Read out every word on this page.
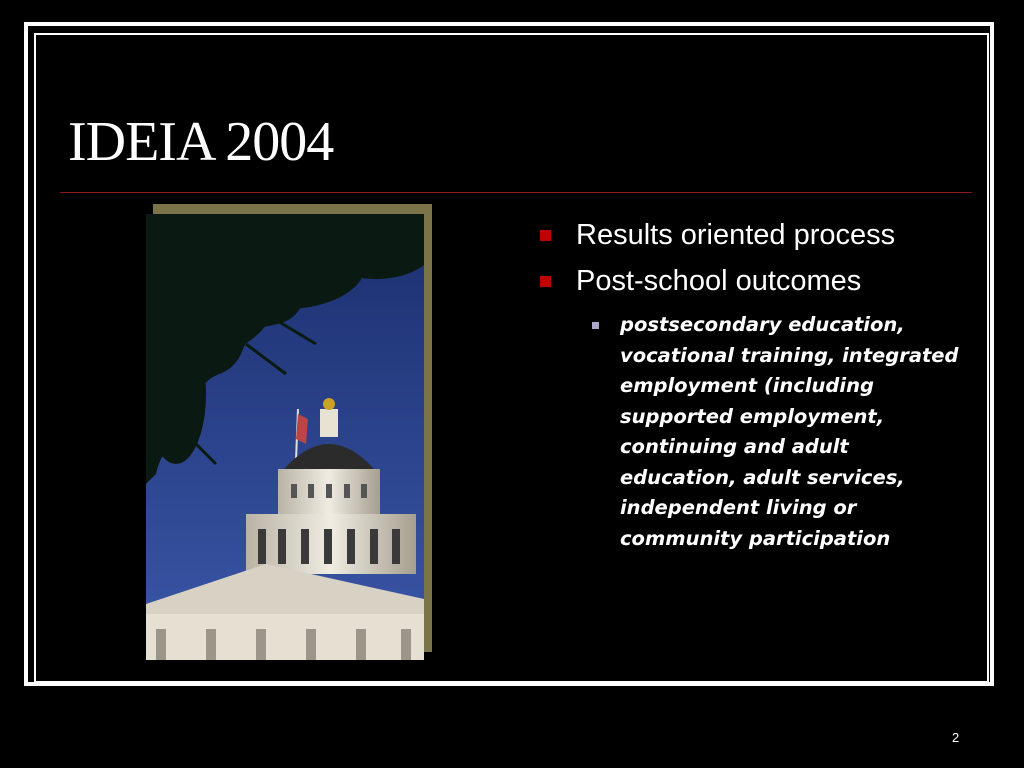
IDEIA 2004
Results oriented process
Post-school outcomes
postsecondary education, vocational training, integrated employment (including supported employment, continuing and adult education, adult services, independent living or community participation
2
